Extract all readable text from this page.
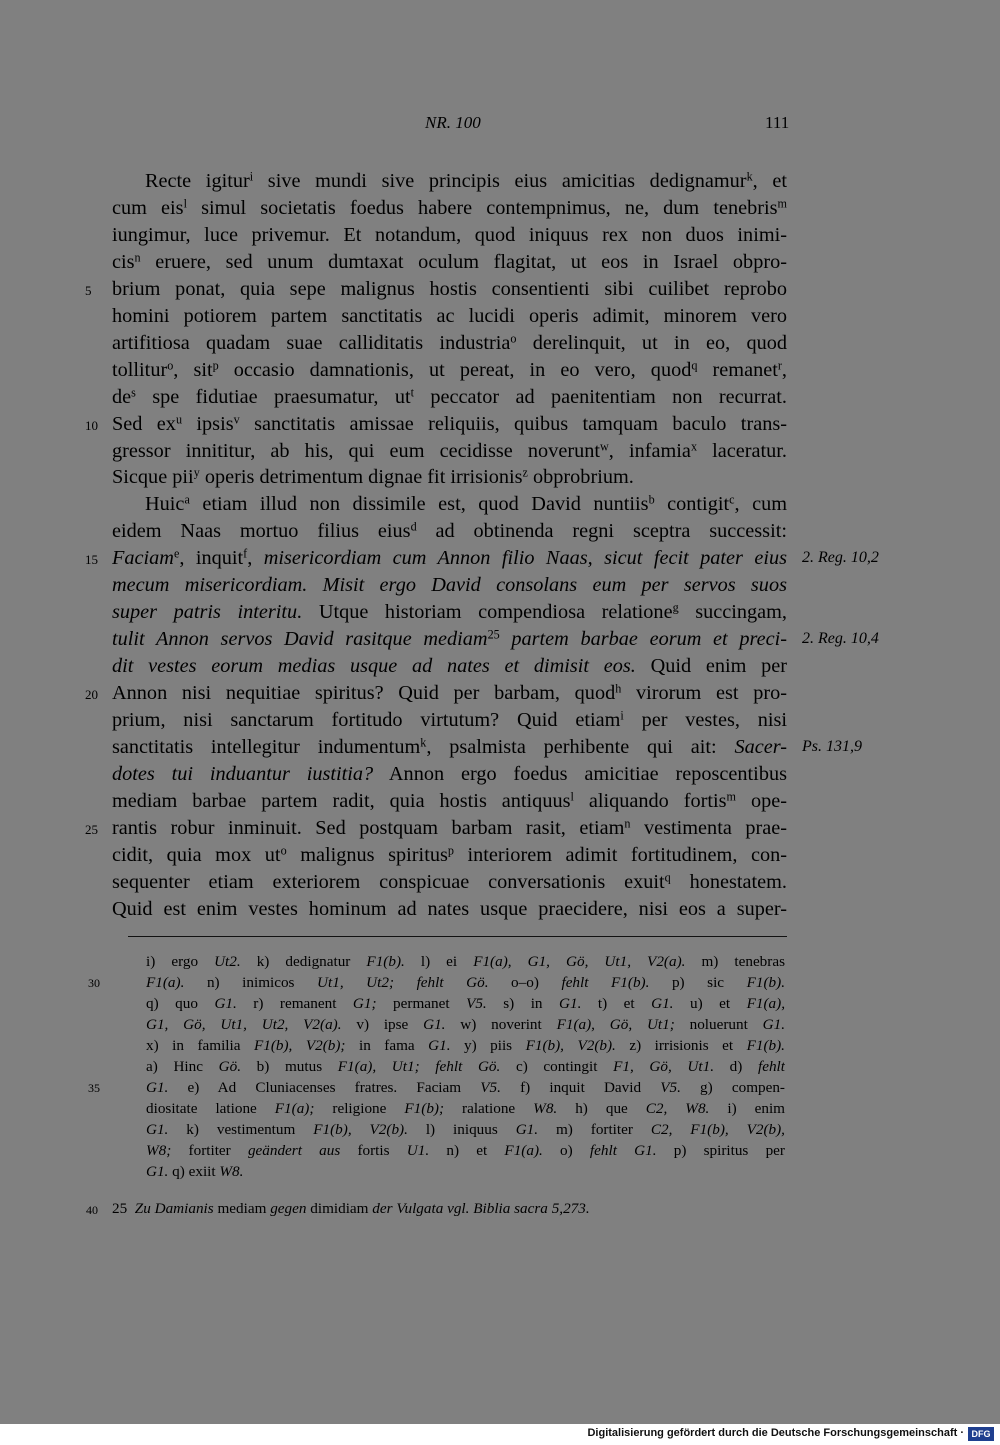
NR. 100	111
Recte igitur$^i$ sive mundi sive principis eius amicitias dedignamur$^k$, et
cum eis$^l$ simul societatis foedus habere contempnimus, ne, dum tenebris$^m$
iungimur, luce privemur. Et notandum, quod iniquus rex non duos inimi-
cis$^n$ eruere, sed unum dumtaxat oculum flagitat, ut eos in Israel obpro-
brium ponat, quia sepe malignus hostis consentienti sibi cuilibet reprobo
homini potiorem partem sanctitatis ac lucidi operis adimit, minorem vero
artifitiosa quadam suae calliditatis industria$^o$ derelinquit, ut in eo, quod
tollitur$^o$, sit$^p$ occasio damnationis, ut pereat, in eo vero, quod$^q$ remanet$^r$,
$de^s$ spe fidutiae praesumatur, $ut^t$ peccator ad paenitentiam non recurrat.
Sed $ex^u$ ipsis$^v$ sanctitatis amissae reliquiis, quibus tamquam baculo trans-
gressor innititur, ab his, qui eum cecidisse noverunt$^w$, infamia$^x$ laceratur.
Sicque pii$^y$ operis detrimentum dignae fit irrisionis$^z$ obprobrium.
Huic$^a$ etiam illud non dissimile est, quod David nuntiis$^b$ contigit$^c$, cum
eidem Naas mortuo filius eius$^d$ ad obtinenda regni sceptra successit:
Faciam$^e$, inquit$^f$, misericordiam cum Annon filio Naas, sicut fecit pater eius
mecum misericordiam. Misit ergo David consolans eum per servos suos
super patris interitu. Utque historiam compendiosa relatione$^g$ succingam,
tulit Annon servos David rasitque mediam$^{25}$ partem barbae eorum et preci-
dit vestes eorum medias usque ad nates et dimisit eos. Quid enim per
Annon nisi nequitiae spiritus? Quid per barbam, quod$^h$ virorum est pro-
prium, nisi sanctarum fortitudo virtutum? Quid etiam$^i$ per vestes, nisi
sanctitatis intellegitur indumentum$^k$, psalmista perhibente qui ait: Sacer-
dotes tui induantur iustitia? Annon ergo foedus amicitiae reposcentibus
mediam barbae partem radit, quia hostis antiquus$^l$ aliquando fortis$^m$ ope-
rantis robur inminuit. Sed postquam barbam rasit, etiam$^n$ vestimenta prae-
cidit, quia mox $ut^o$ malignus spiritus$^p$ interiorem adimit fortitudinem, con-
sequenter etiam exteriorem conspicuae conversationis exuit$^q$ honestatem.
Quid est enim vestes hominum ad nates usque praecidere, nisi eos a super-
5
10
15
20
25
2. Reg. 10,2
2. Reg. 10,4
Ps. 131,9
i) ergo Ut2. k) dedignatur F1(b). l) ei F1(a), G1, Gö, Ut1, V2(a). m) tenebras
F1(a). n) inimicos Ut1, Ut2; fehlt Gö. o–o) fehlt F1(b). p) sic F1(b).
q) quo G1. r) remanent G1; permanet V5. s) in G1. t) et G1. u) et F1(a),
G1, Gö, Ut1, Ut2, V2(a). v) ipse G1. w) noverint F1(a), Gö, Ut1; noluerunt G1.
x) in familia F1(b), V2(b); in fama G1. y) piis F1(b), V2(b). z) irrisionis et F1(b).
a) Hinc Gö. b) mutus F1(a), Ut1; fehlt Gö. c) contingit F1, Gö, Ut1. d) fehlt
G1. e) Ad Cluniacenses fratres. Faciam V5. f) inquit David V5. g) compen-
diositate latione F1(a); religione F1(b); ralatione W8. h) que C2, W8. i) enim
G1. k) vestimentum F1(b), V2(b). l) iniquus G1. m) fortiter C2, F1(b), V2(b),
W8; fortiter geändert aus fortis U1. n) et F1(a). o) fehlt G1. p) spiritus per
G1. q) exiit W8.
30
35
40 25  Zu Damianis mediam gegen dimidiam der Vulgata vgl. Biblia sacra 5,273.
Digitalisierung gefördert durch die Deutsche Forschungsgemeinschaft · DFG
